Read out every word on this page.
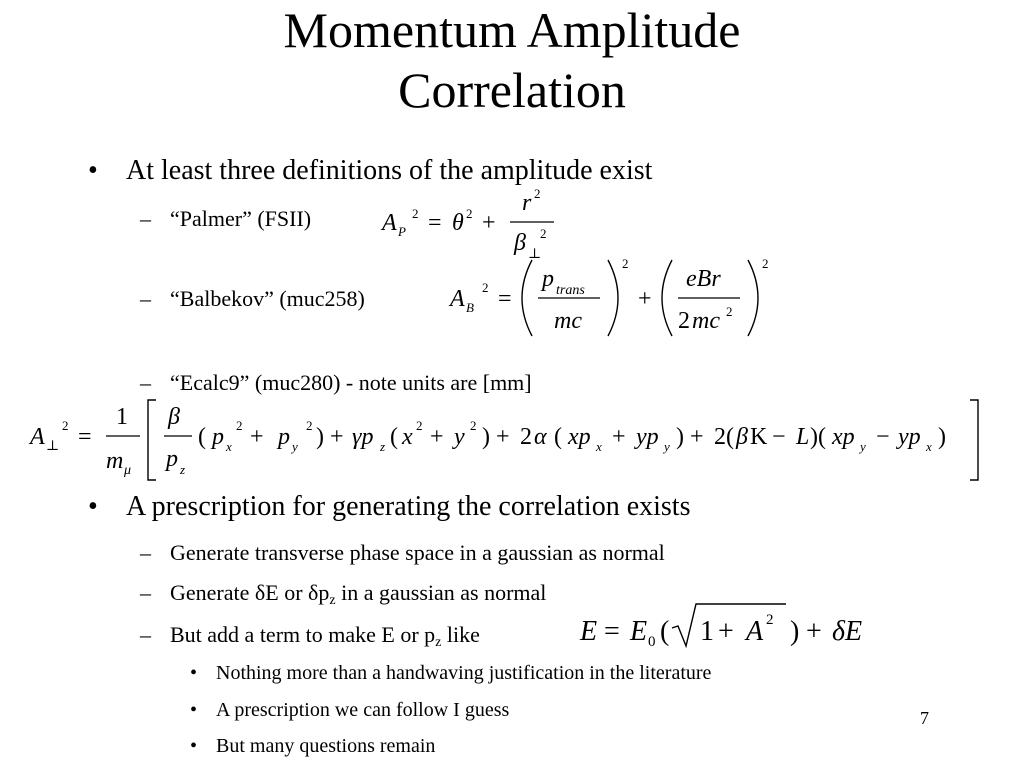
Momentum Amplitude
Correlation
• At least three definitions of the amplitude exist
– “Palmer” (FSII)	A P
2 = θ 2 +
r 2
β ⊥
2
– “Balbekov” (muc258)	A B
2 =
p trans
mc
2
+
eBr
2 mc 2
2
– “Ecalc9” (muc280) - note units are [mm]
A ⊥
2 =
1
m μ
β
p z
( p x
2 + p y
2 ) + γp z ( x 2 + y 2 ) + 2 α ( xp x + yp y ) + 2( β K − L )( xp y − yp x )
• A prescription for generating the correlation exists
– Generate transverse phase space in a gaussian as normal
– Generate δE or $\delta p_z$ in a gaussian as normal
– But add a term to make E or $p_z$ like	E = E 0 ( 1 + A 2 ) + δE
• Nothing more than a handwaving justification in the literature
• A prescription we can follow I guess
• But many questions remain
7
